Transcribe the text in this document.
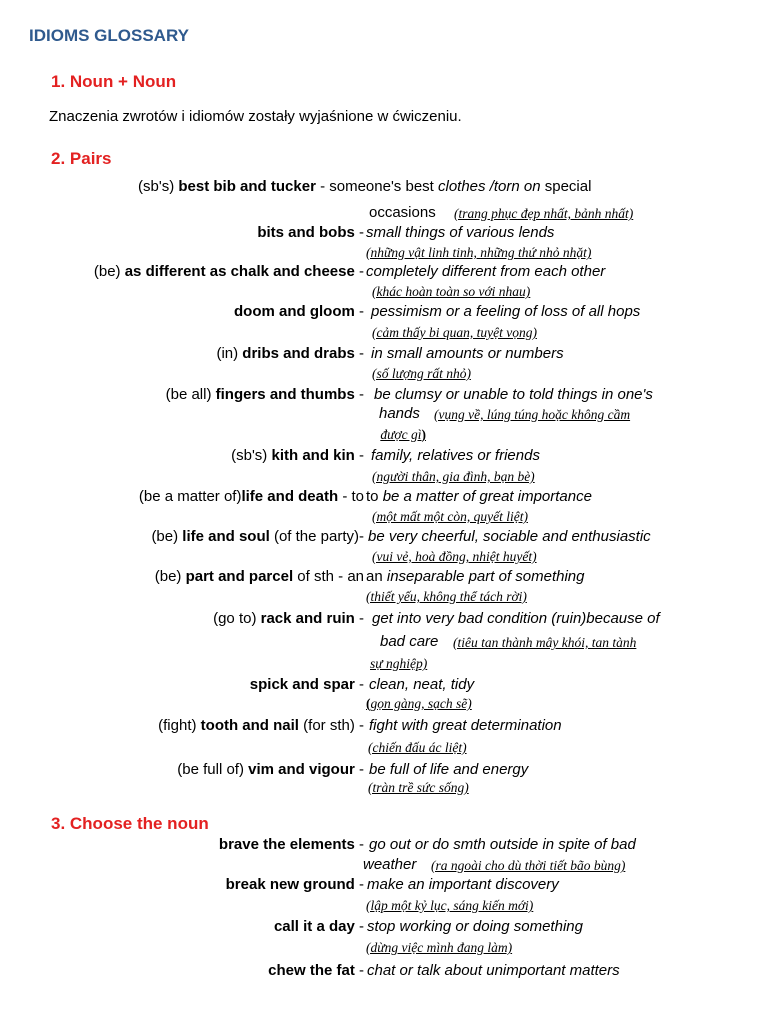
IDIOMS GLOSSARY
1. Noun + Noun
Znaczenia zwrotów i idiomów zostały wyjaśnione w ćwiczeniu.
2. Pairs
(sb's) best bib and tucker - someone's best clothes /torn on special
occasions (trang phục đẹp nhất, bảnh nhất)
bits and bobs - small things of various lends
(những vật linh tinh, những thứ nhỏ nhặt)
(be) as different as chalk and cheese - completely different from each other
(khác hoàn toàn so với nhau)
doom and gloom - pessimism or a feeling of loss of all hops
(cảm thấy bi quan, tuyệt vọng)
(in) dribs and drabs - in small amounts or numbers
(số lượng rất nhỏ)
(be all) fingers and thumbs - be clumsy or unable to told things in one's
hands (vụng về, lúng túng hoặc không cầm
được gì)
(sb's) kith and kin - family, relatives or friends
(người thân, gia đình, bạn bè)
(be a matter of)life and death - to to be a matter of great importance
(một mất một còn, quyết liệt)
(be) life and soul (of the party)- be very cheerful, sociable and enthusiastic
(vui vẻ, hoà đồng, nhiệt huyết)
(be) part and parcel of sth - an an inseparable part of something
(thiết yếu, không thể tách rời)
(go to) rack and ruin - get into very bad condition (ruin)because of
bad care (tiêu tan thành mây khói, tan tành
sự nghiệp)
spick and spar - clean, neat, tidy
(gọn gàng, sạch sẽ)
(fight) tooth and nail (for sth) - fight with great determination
(chiến đấu ác liệt)
(be full of) vim and vigour - be full of life and energy
(tràn trề sức sống)
3. Choose the noun
brave the elements - go out or do smth outside in spite of bad
weather (ra ngoài cho dù thời tiết bão bùng)
break new ground - make an important discovery
(lập một kỷ lục, sáng kiến mới)
call it a day - stop working or doing something
(dừng việc mình đang làm)
chew the fat - chat or talk about unimportant matters
